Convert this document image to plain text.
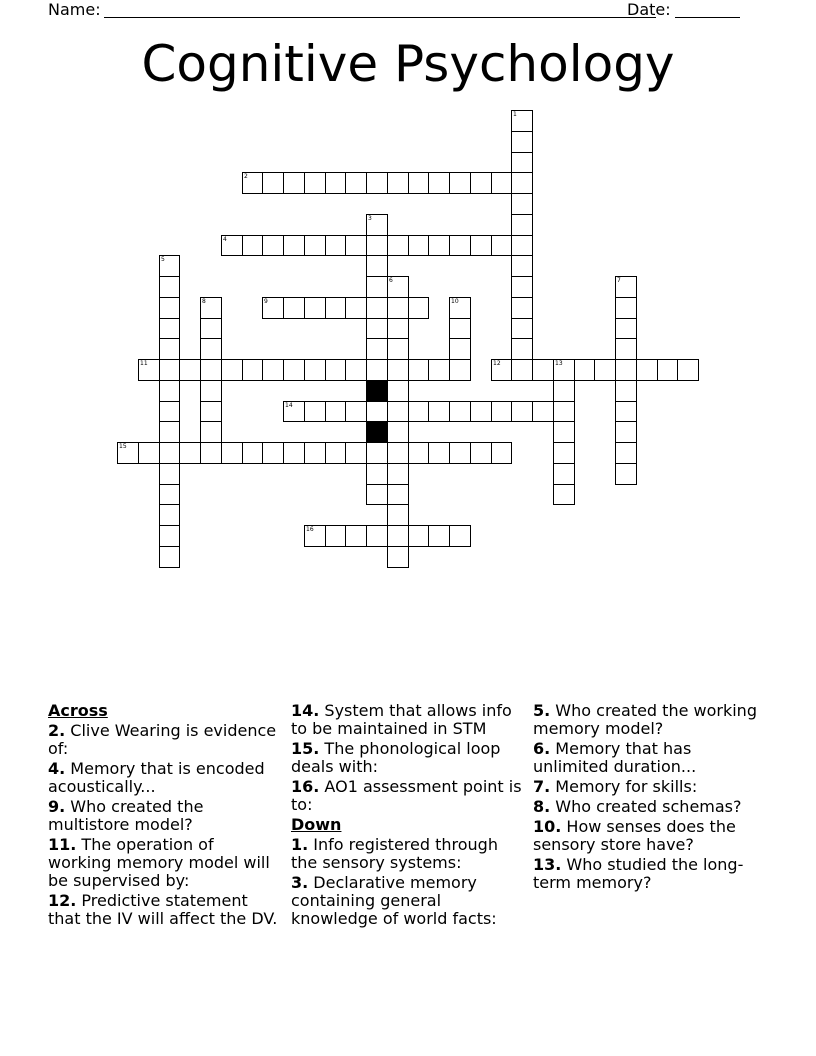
Name:	Date:
Cognitive Psychology
1
2
3
4
5
6	7
8	9	10
11	12	13
14
15
16
Across
2. Clive Wearing is evidence of:
4. Memory that is encoded acoustically...
9. Who created the multistore model?
11. The operation of working memory model will be supervised by:
12. Predictive statement that the IV will affect the DV.
14. System that allows info to be maintained in STM
15. The phonological loop deals with:
16. AO1 assessment point is to:
Down
1. Info registered through the sensory systems:
3. Declarative memory containing general knowledge of world facts:
5. Who created the working memory model?
6. Memory that has unlimited duration...
7. Memory for skills:
8. Who created schemas?
10. How senses does the sensory store have?
13. Who studied the long-term memory?
